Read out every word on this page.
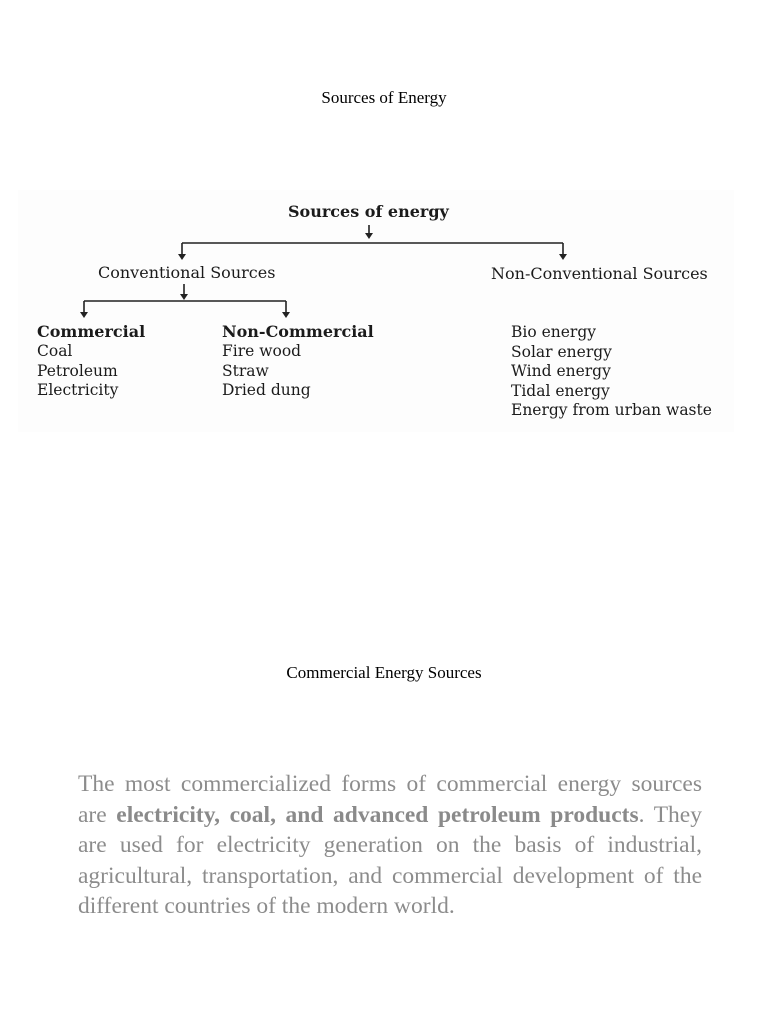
Sources of Energy
Sources of energy
Conventional Sources	Non-Conventional Sources
Commercial
Coal
Petroleum
Electricity
Non-Commercial
Fire wood
Straw
Dried dung
Bio energy
Solar energy
Wind energy
Tidal energy
Energy from urban waste
Commercial Energy Sources

The most commercialized forms of commercial energy sources are electricity, coal, and advanced petroleum products. They are used for electricity generation on the basis of industrial, agricultural, transportation, and commercial development of the different countries of the modern world.
